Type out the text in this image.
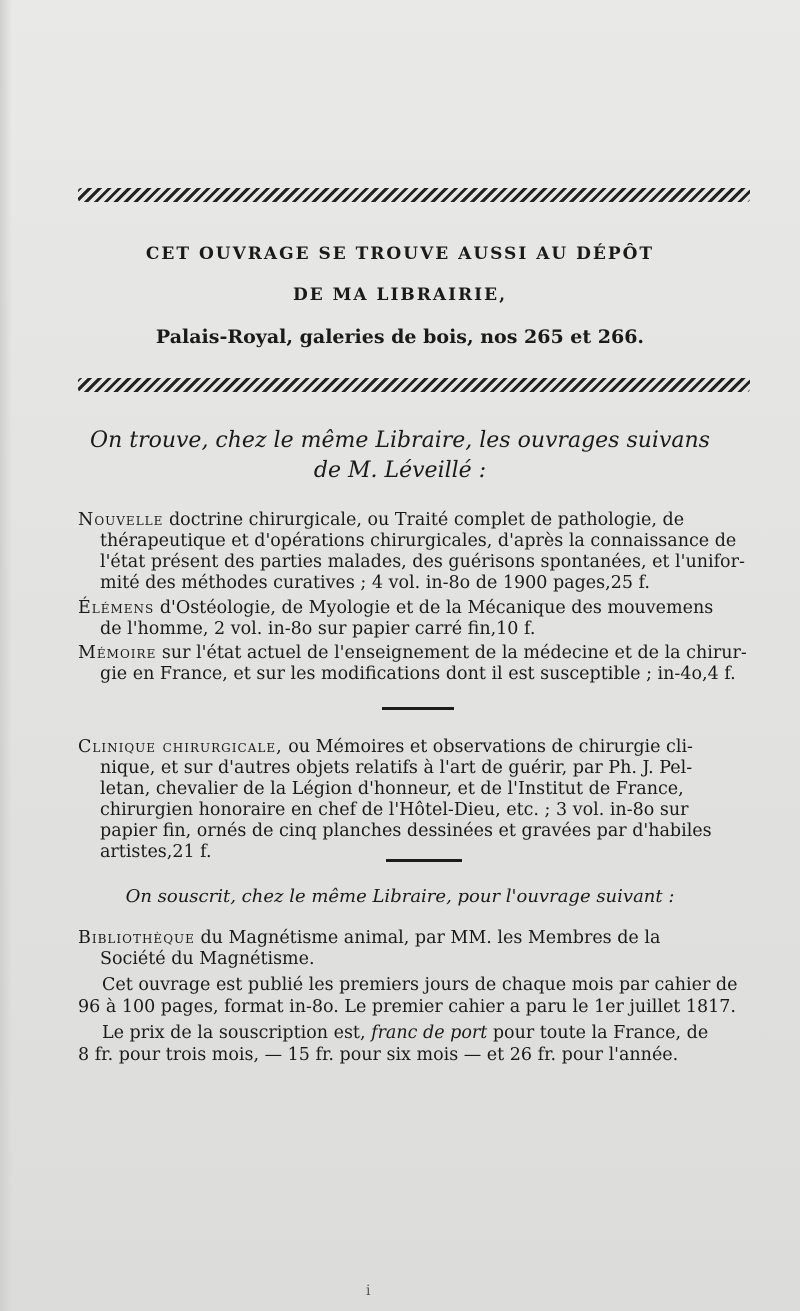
CET OUVRAGE SE TROUVE AUSSI AU DÉPÔT
DE MA LIBRAIRIE,
Palais-Royal, galeries de bois, nos 265 et 266.
On trouve, chez le même Libraire, les ouvrages suivans
de M. Léveillé :
Nouvelle doctrine chirurgicale, ou Traité complet de pathologie, de
thérapeutique et d'opérations chirurgicales, d'après la connaissance de
l'état présent des parties malades, des guérisons spontanées, et l'unifor-
mité des méthodes curatives ; 4 vol. in-8o de 1900 pages,25 f.
Élémens d'Ostéologie, de Myologie et de la Mécanique des mouvemens
de l'homme, 2 vol. in-8o sur papier carré fin,10 f.
Mémoire sur l'état actuel de l'enseignement de la médecine et de la chirur-
gie en France, et sur les modifications dont il est susceptible ; in-4o,4 f.
Clinique chirurgicale, ou Mémoires et observations de chirurgie cli-
nique, et sur d'autres objets relatifs à l'art de guérir, par Ph. J. Pel-
letan, chevalier de la Légion d'honneur, et de l'Institut de France,
chirurgien honoraire en chef de l'Hôtel-Dieu, etc. ; 3 vol. in-8o sur
papier fin, ornés de cinq planches dessinées et gravées par d'habiles
artistes,21 f.
On souscrit, chez le même Libraire, pour l'ouvrage suivant :
Bibliothèque du Magnétisme animal, par MM. les Membres de la
Société du Magnétisme.
Cet ouvrage est publié les premiers jours de chaque mois par cahier de
96 à 100 pages, format in-8o. Le premier cahier a paru le 1er juillet 1817.
Le prix de la souscription est, franc de port pour toute la France, de
8 fr. pour trois mois, — 15 fr. pour six mois — et 26 fr. pour l'année.
i
